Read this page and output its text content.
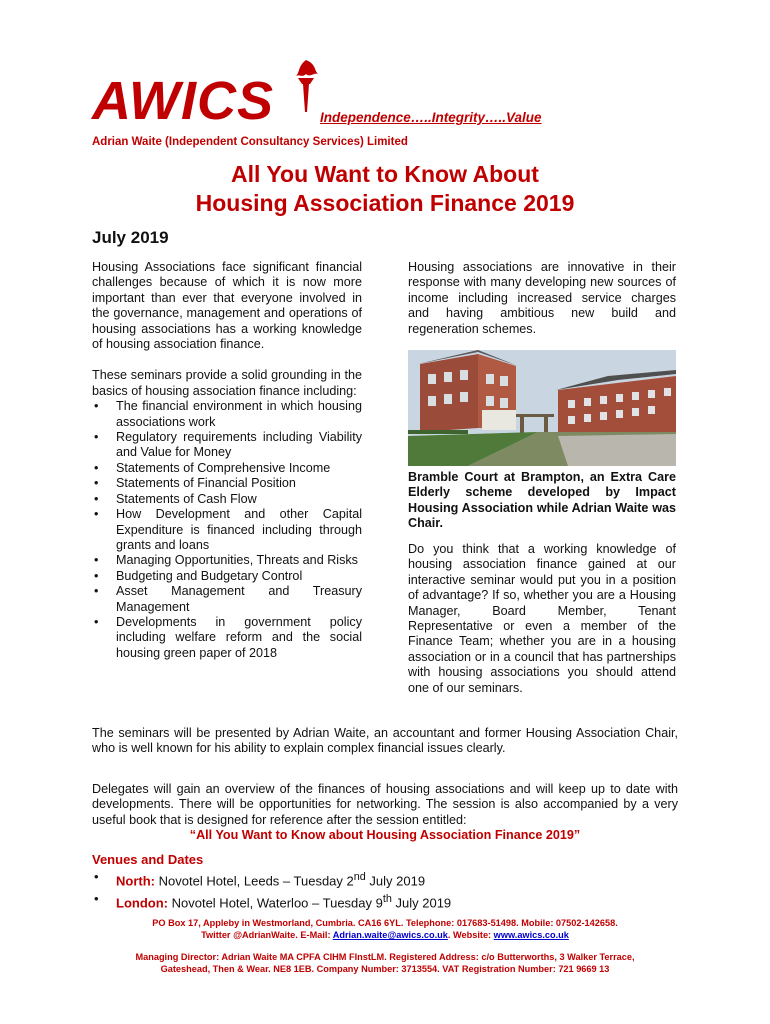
AWICS	Independence…..Integrity…..Value
Adrian Waite (Independent Consultancy Services) Limited
All You Want to Know About
Housing Association Finance 2019
July 2019

Housing Associations face significant financial challenges because of which it is now more important than ever that everyone involved in the governance, management and operations of housing associations has a working knowledge of housing association finance.

These seminars provide a solid grounding in the basics of housing association finance including:

• The financial environment in which housing associations work
• Regulatory requirements including Viability and Value for Money
• Statements of Comprehensive Income
• Statements of Financial Position
• Statements of Cash Flow
• How Development and other Capital Expenditure is financed including through grants and loans
• Managing Opportunities, Threats and Risks
• Budgeting and Budgetary Control
• Asset Management and Treasury Management
• Developments in government policy including welfare reform and the social housing green paper of 2018

Housing associations are innovative in their response with many developing new sources of income including increased service charges and having ambitious new build and regeneration schemes.

Bramble Court at Brampton, an Extra Care Elderly scheme developed by Impact Housing Association while Adrian Waite was Chair.

Do you think that a working knowledge of housing association finance gained at our interactive seminar would put you in a position of advantage? If so, whether you are a Housing Manager, Board Member, Tenant Representative or even a member of the Finance Team; whether you are in a housing association or in a council that has partnerships with housing associations you should attend one of our seminars.

The seminars will be presented by Adrian Waite, an accountant and former Housing Association Chair, who is well known for his ability to explain complex financial issues clearly.

Delegates will gain an overview of the finances of housing associations and will keep up to date with developments. There will be opportunities for networking. The session is also accompanied by a very useful book that is designed for reference after the session entitled:

“All You Want to Know about Housing Association Finance 2019”

Venues and Dates
• North: Novotel Hotel, Leeds – Tuesday 2nd July 2019
• London: Novotel Hotel, Waterloo – Tuesday 9th July 2019
PO Box 17, Appleby in Westmorland, Cumbria. CA16 6YL. Telephone: 017683-51498. Mobile: 07502-142658.
Twitter @AdrianWaite. E-Mail: Adrian.waite@awics.co.uk. Website: www.awics.co.uk
Managing Director: Adrian Waite MA CPFA CIHM FInstLM. Registered Address: c/o Butterworths, 3 Walker Terrace,
Gateshead, Then & Wear. NE8 1EB. Company Number: 3713554. VAT Registration Number: 721 9669 13
